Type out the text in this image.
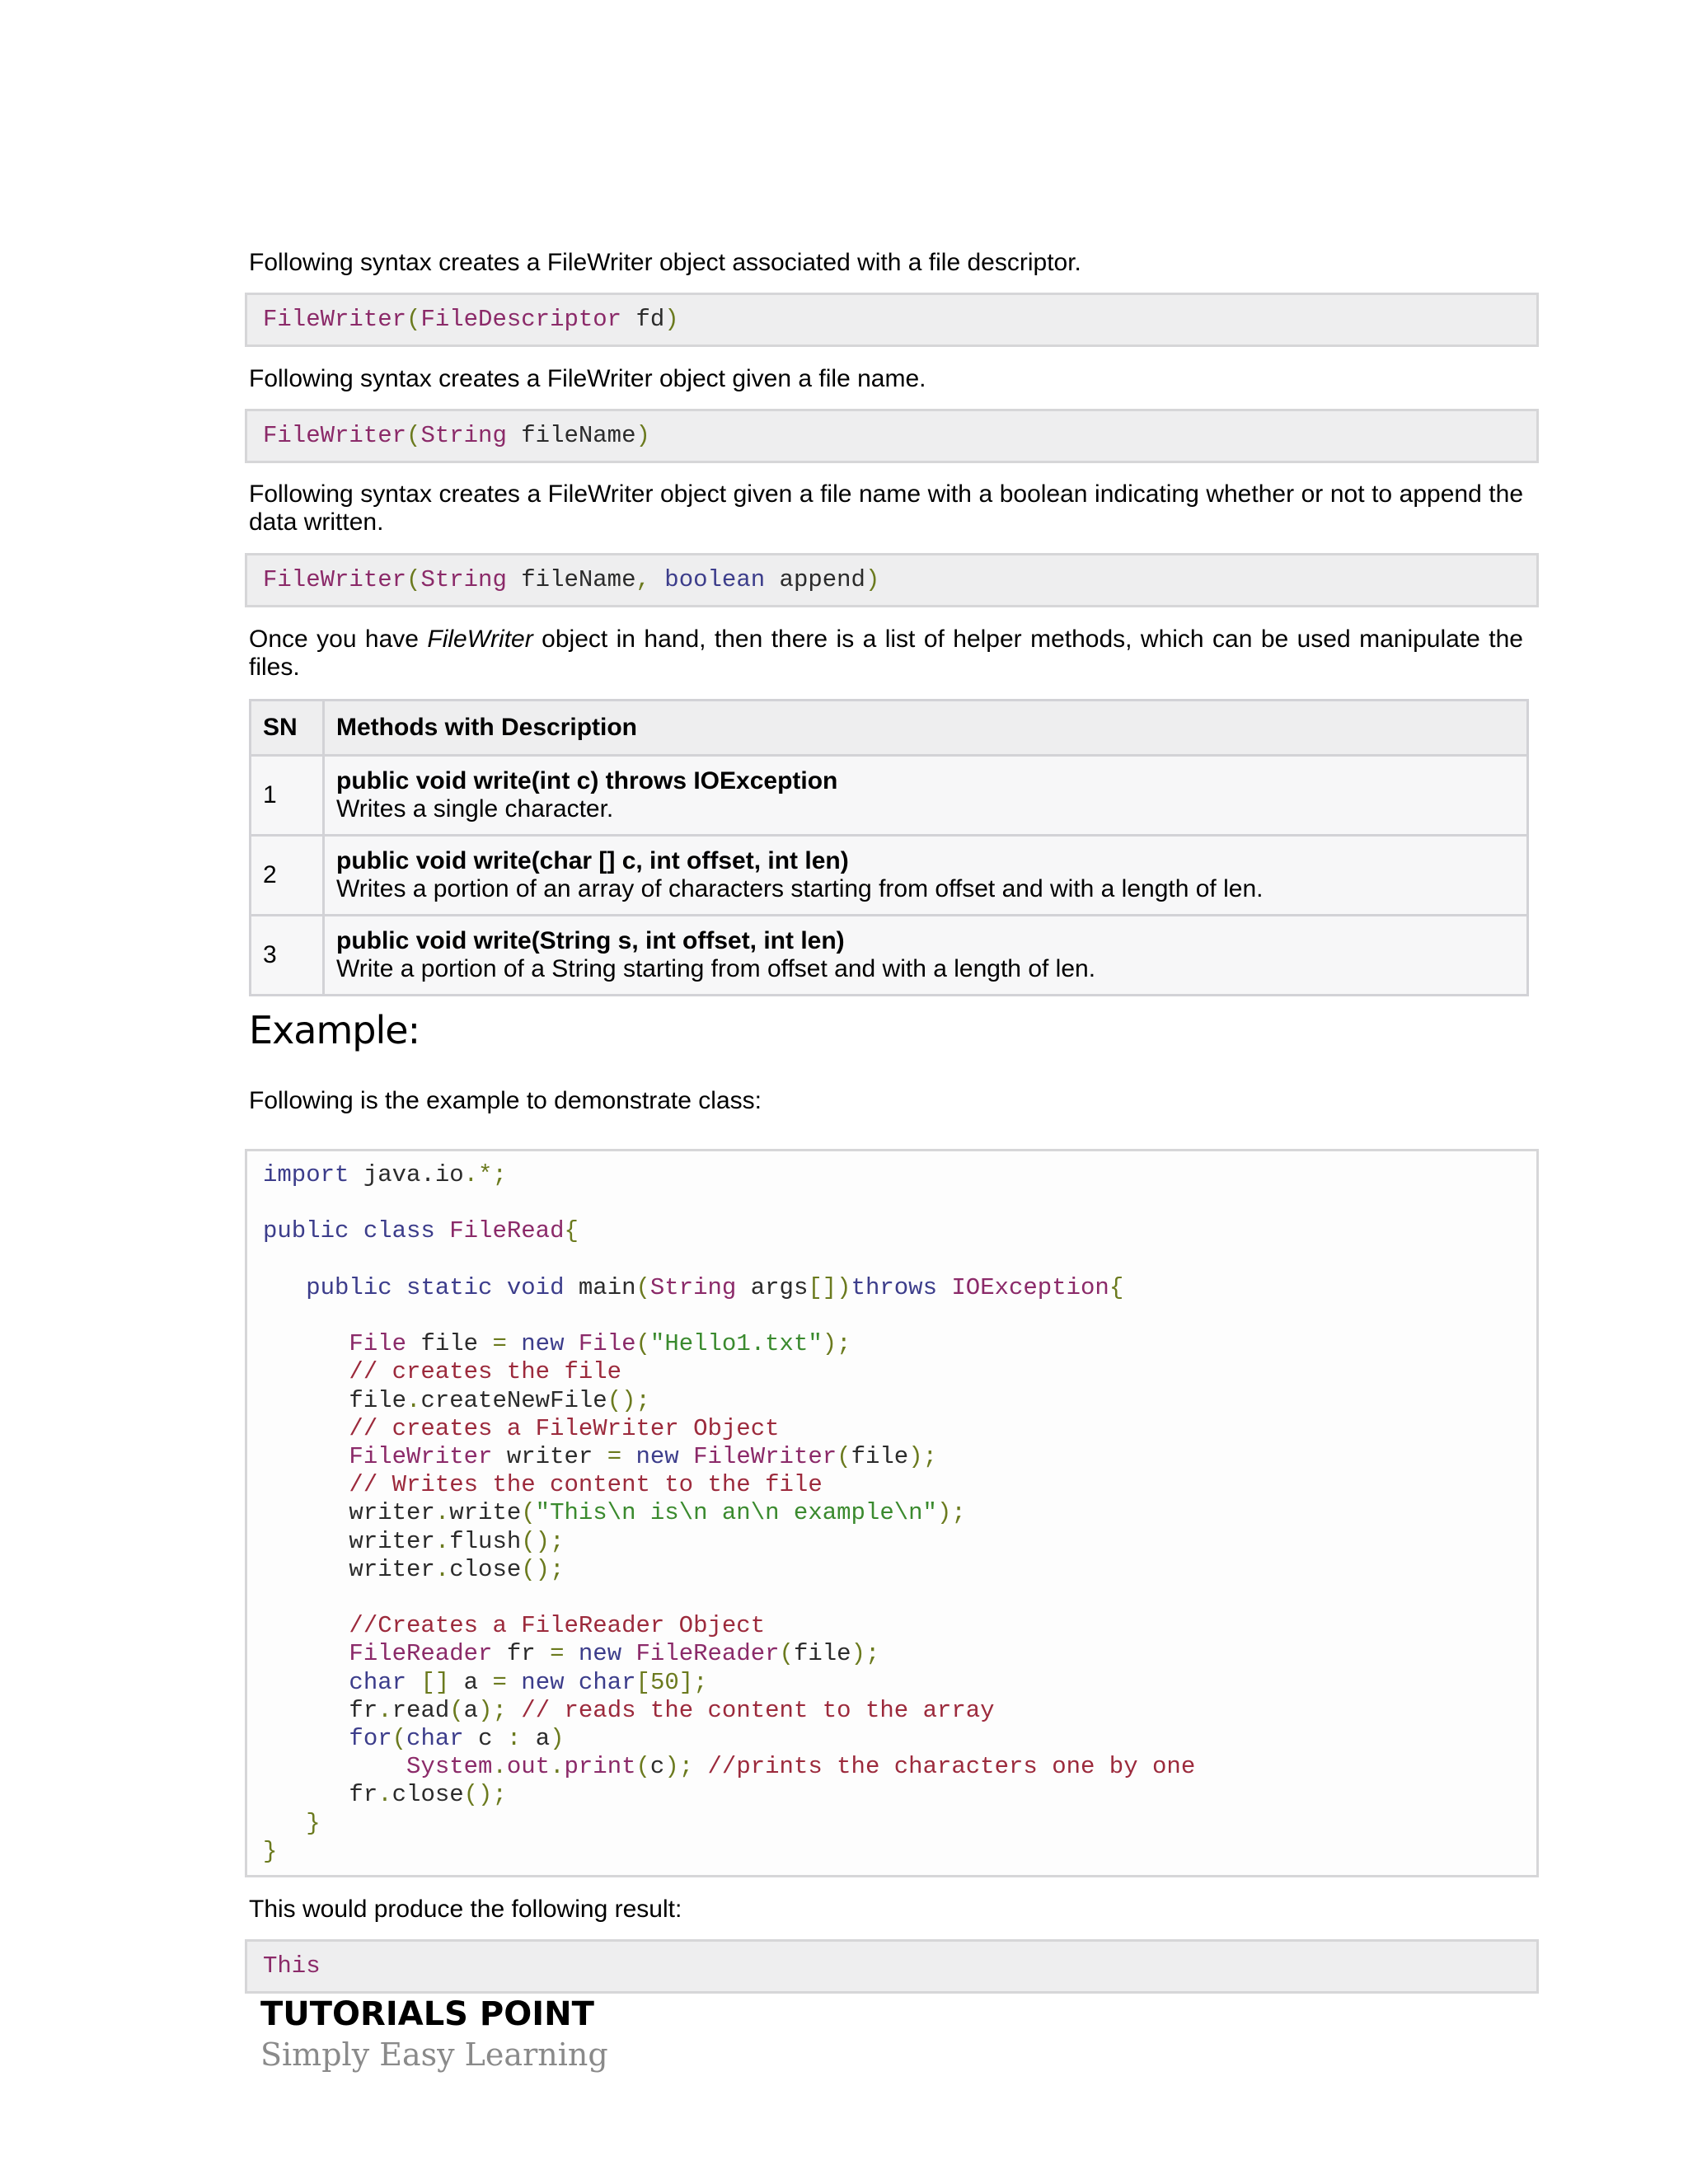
Following syntax creates a FileWriter object associated with a file descriptor.

FileWriter ( FileDescriptor fd )

Following syntax creates a FileWriter object given a file name.

FileWriter ( String fileName )

Following syntax creates a FileWriter object given a file name with a boolean indicating whether or not to append the data written.

FileWriter ( String fileName , boolean append )

Once you have FileWriter object in hand, then there is a list of helper methods, which can be used manipulate the files.

SN	Methods with Description
1	public void write(int c) throws IOException
Writes a single character.

2	public void write(char [] c, int offset, int len)
Writes a portion of an array of characters starting from offset and with a length of len.

3	public void write(String s, int offset, int len)
Write a portion of a String starting from offset and with a length of len.
Example:

Following is the example to demonstrate class:

import java.io.*;

public class FileRead{

public static void main(String args[])throws IOException{

File file = new File("Hello1.txt");
// creates the file
file.createNewFile();
// creates a FileWriter Object
FileWriter writer = new FileWriter(file);
// Writes the content to the file
writer.write("This\n is\n an\n example\n");
writer.flush();
writer.close();

//Creates a FileReader Object
FileReader fr = new FileReader(file);
char [] a = new char[50];
fr.read(a); // reads the content to the array
for(char c : a)
System.out.print(c); //prints the characters one by one
fr.close();
}
}

This would produce the following result:

This
TUTORIALS POINT
Simply Easy Learning
